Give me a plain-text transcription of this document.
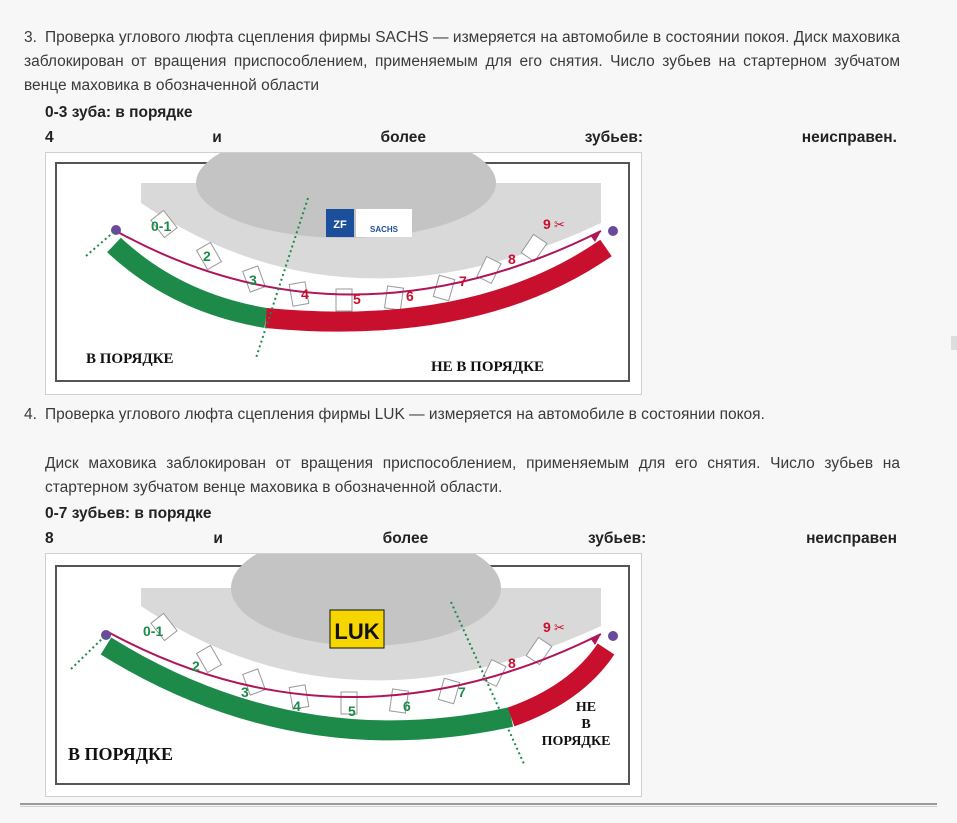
3. Проверка углового люфта сцепления фирмы SACHS — измеряется на автомобиле в состоянии покоя. Диск маховика заблокирован от вращения приспособлением, применяемым для его снятия. Число зубьев на стартерном зубчатом венце маховика в обозначенной области
0-3 зуба: в порядке
4	и	более	зубьев:	неисправен.
ZF	SACHS
0-1
2
3
4	5	6
7
8
9 ✂
В ПОРЯДКЕ	НЕ В ПОРЯДКЕ
4. Проверка углового люфта сцепления фирмы LUK — измеряется на автомобиле в состоянии покоя.
Диск маховика заблокирован от вращения приспособлением, применяемым для его снятия. Число зубьев на стартерном зубчатом венце маховика в обозначенной области.
0-7 зубьев: в порядке
8	и	более	зубьев:	неисправен
LUK
0-1
2
3
4	5	6
7
8
9 ✂
В ПОРЯДКЕ
НЕ
В
ПОРЯДКЕ
